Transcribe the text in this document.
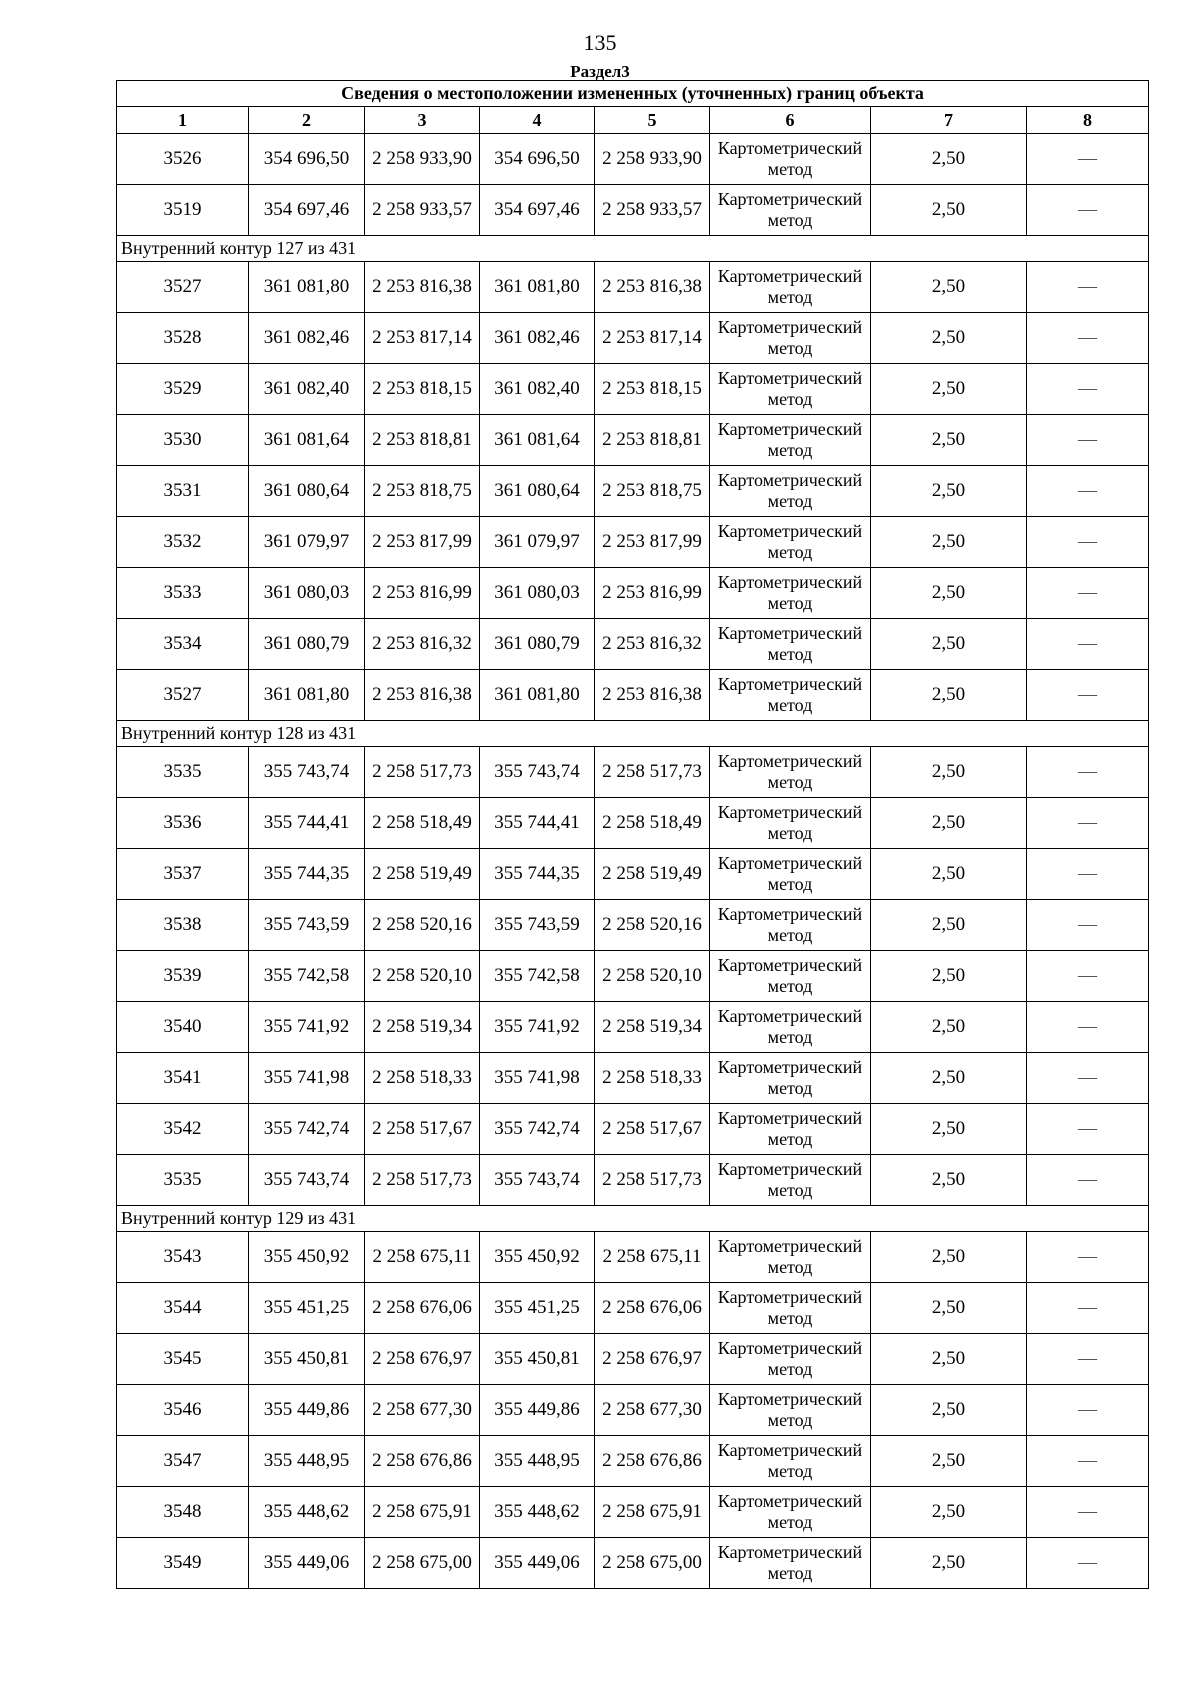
135
Раздел3
Сведения о местоположении измененных (уточненных) границ объекта							
1	2	3	4	5	6	7	8
3526	354 696,50	2 258 933,90	354 696,50	2 258 933,90	Картометрический метод	2,50	—
3519	354 697,46	2 258 933,57	354 697,46	2 258 933,57	Картометрический метод	2,50	—
Внутренний контур 127 из 431							
3527	361 081,80	2 253 816,38	361 081,80	2 253 816,38	Картометрический метод	2,50	—
3528	361 082,46	2 253 817,14	361 082,46	2 253 817,14	Картометрический метод	2,50	—
3529	361 082,40	2 253 818,15	361 082,40	2 253 818,15	Картометрический метод	2,50	—
3530	361 081,64	2 253 818,81	361 081,64	2 253 818,81	Картометрический метод	2,50	—
3531	361 080,64	2 253 818,75	361 080,64	2 253 818,75	Картометрический метод	2,50	—
3532	361 079,97	2 253 817,99	361 079,97	2 253 817,99	Картометрический метод	2,50	—
3533	361 080,03	2 253 816,99	361 080,03	2 253 816,99	Картометрический метод	2,50	—
3534	361 080,79	2 253 816,32	361 080,79	2 253 816,32	Картометрический метод	2,50	—
3527	361 081,80	2 253 816,38	361 081,80	2 253 816,38	Картометрический метод	2,50	—
Внутренний контур 128 из 431							
3535	355 743,74	2 258 517,73	355 743,74	2 258 517,73	Картометрический метод	2,50	—
3536	355 744,41	2 258 518,49	355 744,41	2 258 518,49	Картометрический метод	2,50	—
3537	355 744,35	2 258 519,49	355 744,35	2 258 519,49	Картометрический метод	2,50	—
3538	355 743,59	2 258 520,16	355 743,59	2 258 520,16	Картометрический метод	2,50	—
3539	355 742,58	2 258 520,10	355 742,58	2 258 520,10	Картометрический метод	2,50	—
3540	355 741,92	2 258 519,34	355 741,92	2 258 519,34	Картометрический метод	2,50	—
3541	355 741,98	2 258 518,33	355 741,98	2 258 518,33	Картометрический метод	2,50	—
3542	355 742,74	2 258 517,67	355 742,74	2 258 517,67	Картометрический метод	2,50	—
3535	355 743,74	2 258 517,73	355 743,74	2 258 517,73	Картометрический метод	2,50	—
Внутренний контур 129 из 431							
3543	355 450,92	2 258 675,11	355 450,92	2 258 675,11	Картометрический метод	2,50	—
3544	355 451,25	2 258 676,06	355 451,25	2 258 676,06	Картометрический метод	2,50	—
3545	355 450,81	2 258 676,97	355 450,81	2 258 676,97	Картометрический метод	2,50	—
3546	355 449,86	2 258 677,30	355 449,86	2 258 677,30	Картометрический метод	2,50	—
3547	355 448,95	2 258 676,86	355 448,95	2 258 676,86	Картометрический метод	2,50	—
3548	355 448,62	2 258 675,91	355 448,62	2 258 675,91	Картометрический метод	2,50	—
3549	355 449,06	2 258 675,00	355 449,06	2 258 675,00	Картометрический метод	2,50	—
